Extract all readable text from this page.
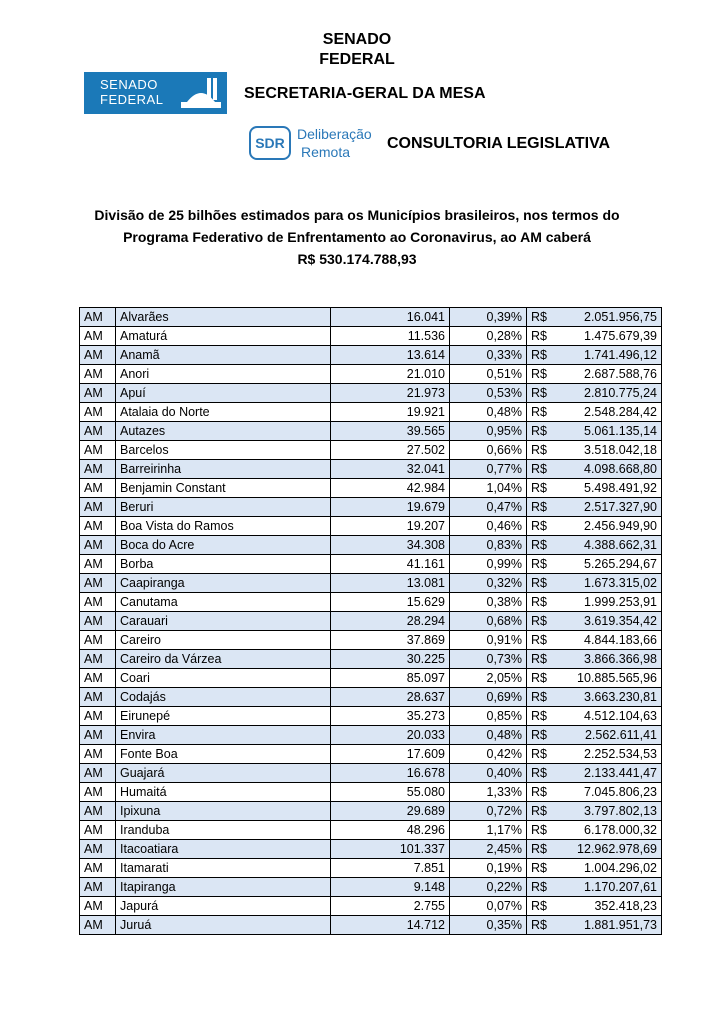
SENADO
FEDERAL
SENADO
FEDERAL	SECRETARIA-GERAL DA MESA
SDR
Deliberação
Remota CONSULTORIA LEGISLATIVA
Divisão de 25 bilhões estimados para os Municípios brasileiros, nos termos do
Programa Federativo de Enfrentamento ao Coronavirus, ao AM caberá
R$ 530.174.788,93
AM	Alvarães	16.041	0,39%	R$	2.051.956,75
AM	Amaturá	11.536	0,28%	R$	1.475.679,39
AM	Anamã	13.614	0,33%	R$	1.741.496,12
AM	Anori	21.010	0,51%	R$	2.687.588,76
AM	Apuí	21.973	0,53%	R$	2.810.775,24
AM	Atalaia do Norte	19.921	0,48%	R$	2.548.284,42
AM	Autazes	39.565	0,95%	R$	5.061.135,14
AM	Barcelos	27.502	0,66%	R$	3.518.042,18
AM	Barreirinha	32.041	0,77%	R$	4.098.668,80
AM	Benjamin Constant	42.984	1,04%	R$	5.498.491,92
AM	Beruri	19.679	0,47%	R$	2.517.327,90
AM	Boa Vista do Ramos	19.207	0,46%	R$	2.456.949,90
AM	Boca do Acre	34.308	0,83%	R$	4.388.662,31
AM	Borba	41.161	0,99%	R$	5.265.294,67
AM	Caapiranga	13.081	0,32%	R$	1.673.315,02
AM	Canutama	15.629	0,38%	R$	1.999.253,91
AM	Carauari	28.294	0,68%	R$	3.619.354,42
AM	Careiro	37.869	0,91%	R$	4.844.183,66
AM	Careiro da Várzea	30.225	0,73%	R$	3.866.366,98
AM	Coari	85.097	2,05%	R$	10.885.565,96
AM	Codajás	28.637	0,69%	R$	3.663.230,81
AM	Eirunepé	35.273	0,85%	R$	4.512.104,63
AM	Envira	20.033	0,48%	R$	2.562.611,41
AM	Fonte Boa	17.609	0,42%	R$	2.252.534,53
AM	Guajará	16.678	0,40%	R$	2.133.441,47
AM	Humaitá	55.080	1,33%	R$	7.045.806,23
AM	Ipixuna	29.689	0,72%	R$	3.797.802,13
AM	Iranduba	48.296	1,17%	R$	6.178.000,32
AM	Itacoatiara	101.337	2,45%	R$	12.962.978,69
AM	Itamarati	7.851	0,19%	R$	1.004.296,02
AM	Itapiranga	9.148	0,22%	R$	1.170.207,61
AM	Japurá	2.755	0,07%	R$	352.418,23
AM	Juruá	14.712	0,35%	R$	1.881.951,73
